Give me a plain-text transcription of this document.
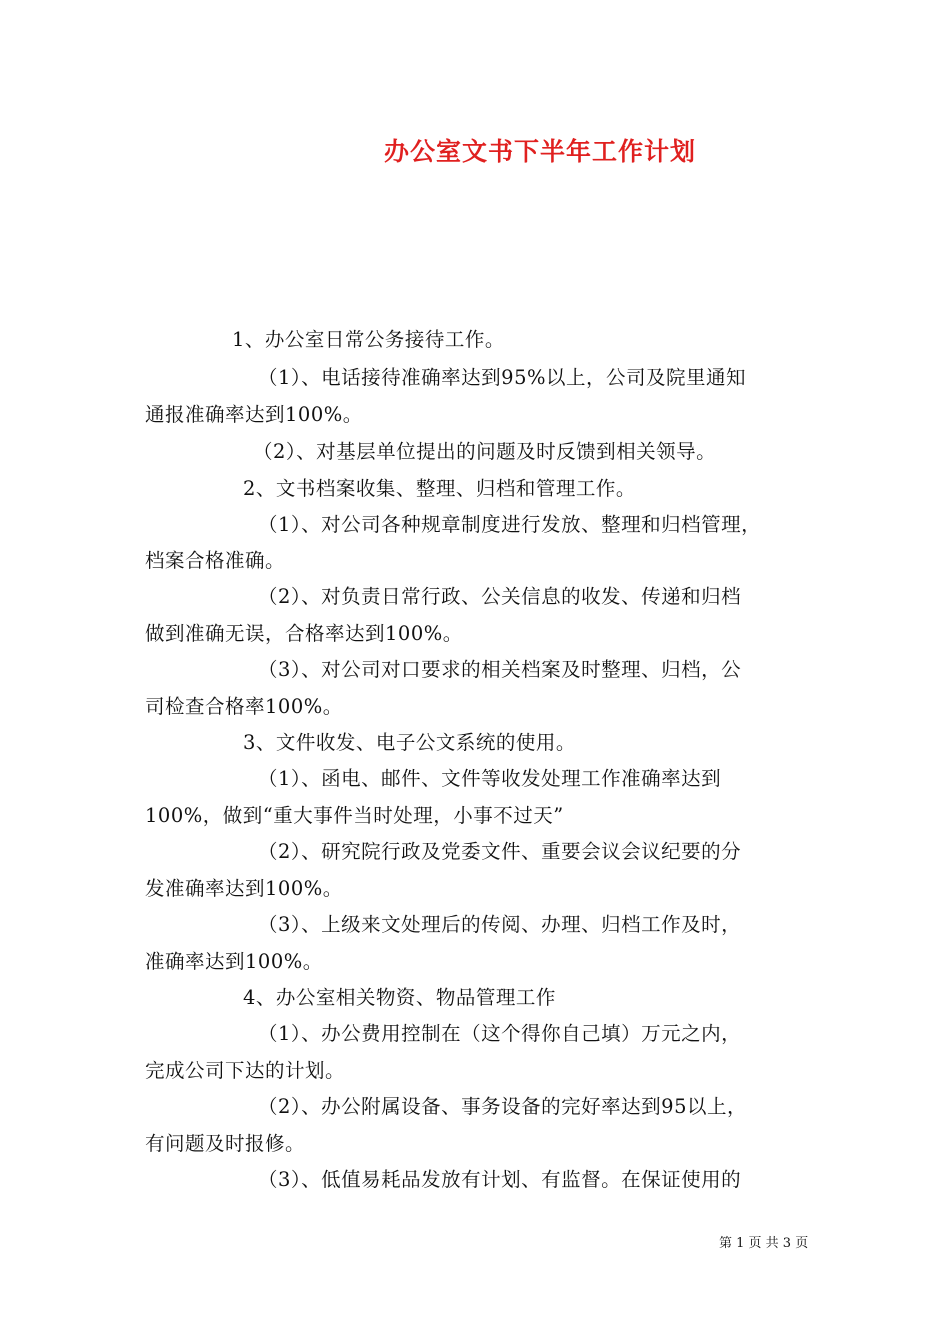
办公室文书下半年工作计划
1、办公室日常公务接待工作。
（1）、电话接待准确率达到95%以上，公司及院里通知
通报准确率达到100%。
（2）、对基层单位提出的问题及时反馈到相关领导。
2、文书档案收集、整理、归档和管理工作。
（1）、对公司各种规章制度进行发放、整理和归档管理，
档案合格准确。
（2）、对负责日常行政、公关信息的收发、传递和归档
做到准确无误，合格率达到100%。
（3）、对公司对口要求的相关档案及时整理、归档，公
司检查合格率100%。
3、文件收发、电子公文系统的使用。
（1）、函电、邮件、文件等收发处理工作准确率达到
100%，做到“重大事件当时处理，小事不过天”
（2）、研究院行政及党委文件、重要会议会议纪要的分
发准确率达到100%。
（3）、上级来文处理后的传阅、办理、归档工作及时，
准确率达到100%。
4、办公室相关物资、物品管理工作
（1）、办公费用控制在（这个得你自己填）万元之内，
完成公司下达的计划。
（2）、办公附属设备、事务设备的完好率达到95以上，
有问题及时报修。
（3）、低值易耗品发放有计划、有监督。在保证使用的
第 1 页 共 3 页
